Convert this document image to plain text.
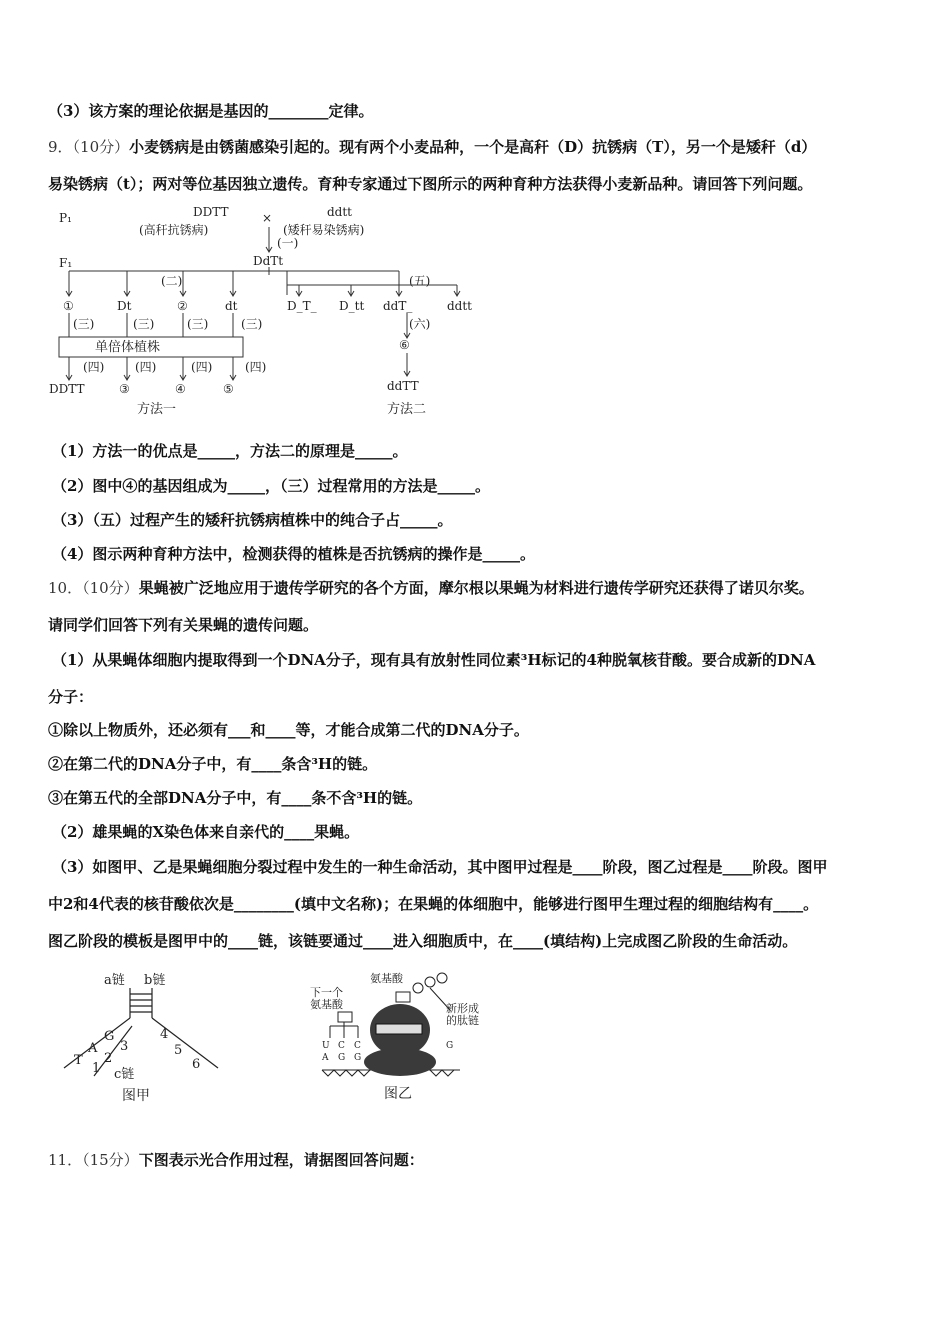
（3）该方案的理论依据是基因的________定律。
9．（10分）小麦锈病是由锈菌感染引起的。现有两个小麦品种，一个是高秆（D）抗锈病（T），另一个是矮秆（d）
易染锈病（t）；两对等位基因独立遗传。育种专家通过下图所示的两种育种方法获得小麦新品种。请回答下列问题。
P₁	DDTT
(高秆抗锈病)
×	ddtt
(矮秆易染锈病)
(一)
F₁	DdTt
(二)	(五)
①	Dt	②	dt
(三)	(三)	(三)	(三)
单倍体植株
(四)	(四)	(四)	(四)
DDTT	③	④	⑤
方法一
D_T_ D_tt ddT_	ddtt
(六)
⑥
ddTT
方法二
（1）方法一的优点是_____，方法二的原理是_____。
（2）图中④的基因组成为_____，（三）过程常用的方法是_____。
（3）（五）过程产生的矮秆抗锈病植株中的纯合子占_____。
（4）图示两种育种方法中，检测获得的植株是否抗锈病的操作是_____。
10．（10分）果蝇被广泛地应用于遗传学研究的各个方面，摩尔根以果蝇为材料进行遗传学研究还获得了诺贝尔奖。
请同学们回答下列有关果蝇的遗传问题。
（1）从果蝇体细胞内提取得到一个DNA分子，现有具有放射性同位素³H标记的4种脱氧核苷酸。要合成新的DNA
分子：
①除以上物质外，还必须有___和____等，才能合成第二代的DNA分子。
②在第二代的DNA分子中，有____条含³H的链。
③在第五代的全部DNA分子中，有____条不含³H的链。
（2）雄果蝇的X染色体来自亲代的____果蝇。
（3）如图甲、乙是果蝇细胞分裂过程中发生的一种生命活动，其中图甲过程是____阶段，图乙过程是____阶段。图甲
中2和4代表的核苷酸依次是________(填中文名称)；在果蝇的体细胞中，能够进行图甲生理过程的细胞结构有____。
图乙阶段的模板是图甲中的____链，该链要通过____进入细胞质中，在____(填结构)上完成图乙阶段的生命活动。
a链 b链
G
A
T
3
2
1
4
5
6
c链
图甲
下一个
氨基酸
氨基酸
新形成
的肽链
U
A
C
G
C
G
G
图乙
11．（15分）下图表示光合作用过程，请据图回答问题：
